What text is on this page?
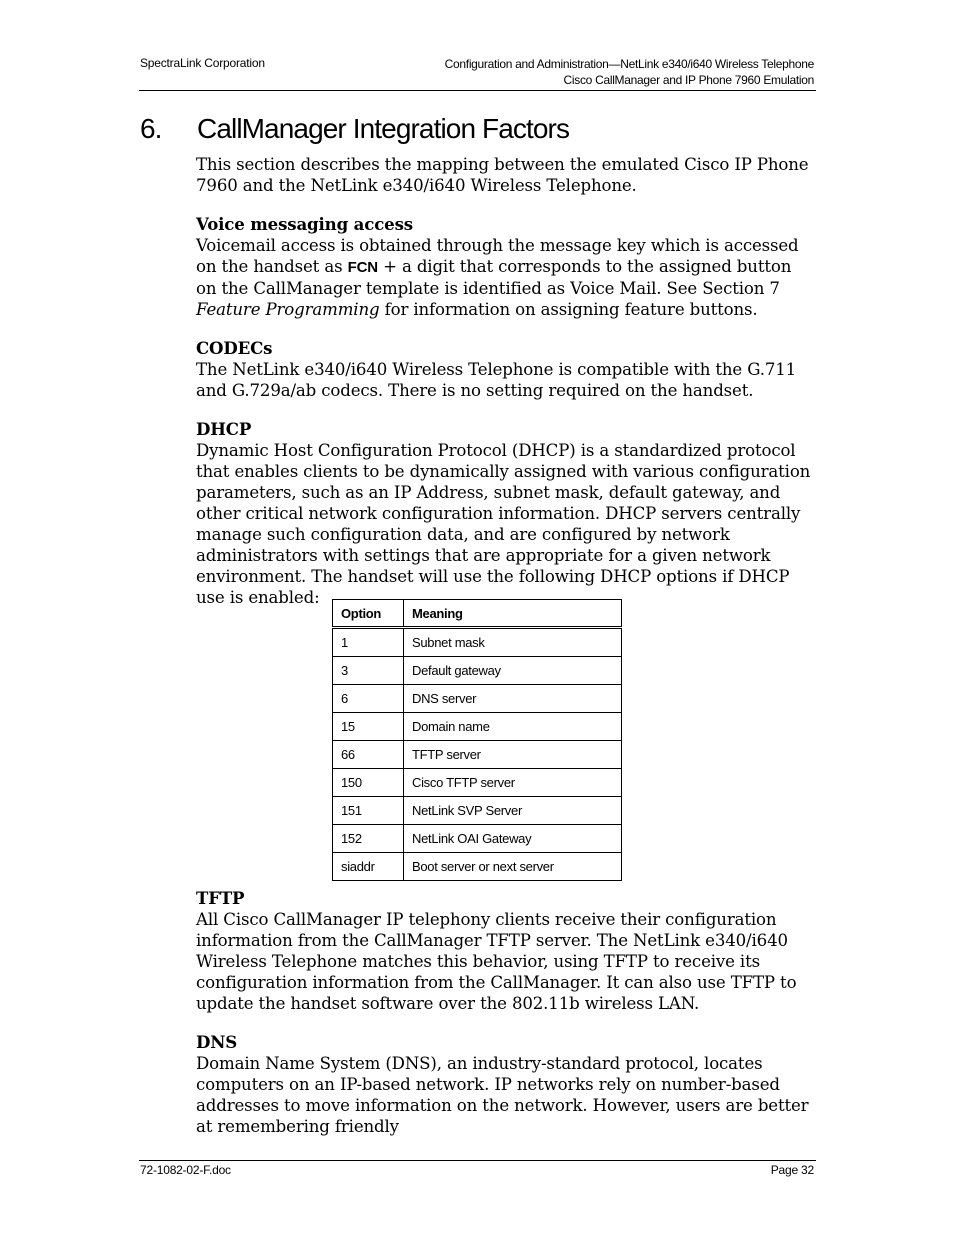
SpectraLink Corporation	Configuration and Administration—NetLink e340/i640 Wireless Telephone
Cisco CallManager and IP Phone 7960 Emulation
6. CallManager Integration Factors

This section describes the mapping between the emulated Cisco IP Phone 7960 and the NetLink e340/i640 Wireless Telephone.

Voice messaging access

Voicemail access is obtained through the message key which is accessed on the handset as FCN + a digit that corresponds to the assigned button on the CallManager template is identified as Voice Mail. See Section 7 Feature Programming for information on assigning feature buttons.

CODECs

The NetLink e340/i640 Wireless Telephone is compatible with the G.711 and G.729a/ab codecs. There is no setting required on the handset.

DHCP

Dynamic Host Configuration Protocol (DHCP) is a standardized protocol that enables clients to be dynamically assigned with various configuration parameters, such as an IP Address, subnet mask, default gateway, and other critical network configuration information. DHCP servers centrally manage such configuration data, and are configured by network administrators with settings that are appropriate for a given network environment. The handset will use the following DHCP options if DHCP use is enabled:

Option	Meaning
1	Subnet mask
3	Default gateway
6	DNS server
15	Domain name
66	TFTP server
150	Cisco TFTP server
151	NetLink SVP Server
152	NetLink OAI Gateway
siaddr	Boot server or next server

TFTP

All Cisco CallManager IP telephony clients receive their configuration information from the CallManager TFTP server. The NetLink e340/i640 Wireless Telephone matches this behavior, using TFTP to receive its configuration information from the CallManager. It can also use TFTP to update the handset software over the 802.11b wireless LAN.

DNS

Domain Name System (DNS), an industry-standard protocol, locates computers on an IP-based network. IP networks rely on number-based addresses to move information on the network. However, users are better at remembering friendly

72-1082-02-F.doc	Page 32
